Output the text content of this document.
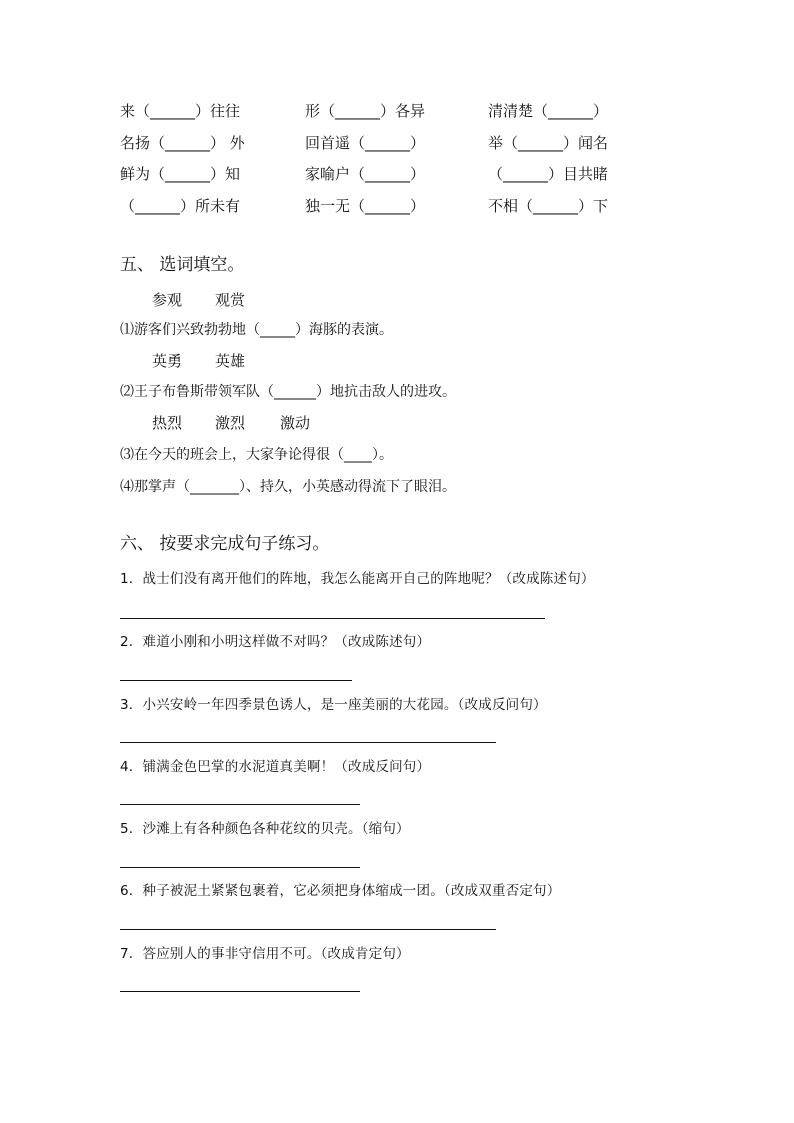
来（______）往往	形（______）各异	清清楚（______）
名扬（______） 外	回首遥（______）	举（______）闻名
鲜为（______）知	家喻户（______）	（______）目共睹
（______）所未有	独一无（______）	不相（______）下
五、 选词填空。
参观 观赏
⑴游客们兴致勃勃地（_____）海豚的表演。
英勇 英雄
⑵王子布鲁斯带领军队（______）地抗击敌人的进攻。
热烈 激烈 激动
⑶在今天的班会上，大家争论得很（____）。
⑷那掌声（_______）、持久，小英感动得流下了眼泪。
六、 按要求完成句子练习。
1．战士们没有离开他们的阵地，我怎么能离开自己的阵地呢？（改成陈述句）
2．难道小刚和小明这样做不对吗？（改成陈述句）
3．小兴安岭一年四季景色诱人，是一座美丽的大花园。（改成反问句）
4．铺满金色巴掌的水泥道真美啊！（改成反问句）
5．沙滩上有各种颜色各种花纹的贝壳。（缩句）
6．种子被泥土紧紧包裹着，它必须把身体缩成一团。（改成双重否定句）
7．答应别人的事非守信用不可。（改成肯定句）
